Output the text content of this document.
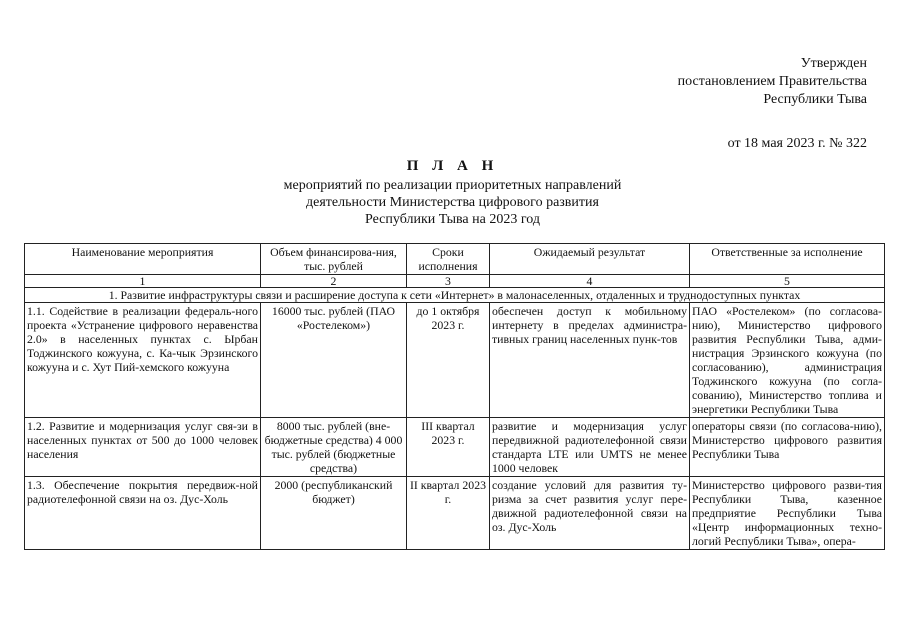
Утвержден
постановлением Правительства
Республики Тыва
от 18 мая 2023 г. № 322
П Л А Н
мероприятий по реализации приоритетных направлений
деятельности Министерства цифрового развития
Республики Тыва на 2023 год
Наименование мероприятия	Объем финансирова-ния, тыс. рублей	Сроки исполнения	Ожидаемый результат	Ответственные за исполнение
1	2	3	4	5
1. Развитие инфраструктуры связи и расширение доступа к сети «Интернет» в малонаселенных, отдаленных и труднодоступных пунктах				
1.1. Содействие в реализации федераль-ного проекта «Устранение цифрового неравенства 2.0» в населенных пунктах с. Ырбан Тоджинского кожууна, с. Ка-чык Эрзинского кожууна и с. Хут Пий-хемского кожууна	16000 тыс. рублей (ПАО «Ростелеком»)	до 1 октября 2023 г.	обеспечен доступ к мобильному интернету в пределах администра-тивных границ населенных пунк-тов	ПАО «Ростелеком» (по согласова-нию), Министерство цифрового развития Республики Тыва, адми-нистрация Эрзинского кожууна (по согласованию), администрация Тоджинского кожууна (по согла-сованию), Министерство топлива и энергетики Республики Тыва
1.2. Развитие и модернизация услуг свя-зи в населенных пунктах от 500 до 1000 человек населения	8000 тыс. рублей (вне-бюджетные средства) 4 000 тыс. рублей (бюджетные средства)	III квартал 2023 г.	развитие и модернизация услуг передвижной радиотелефонной связи стандарта LTE или UMTS не менее 1000 человек	операторы связи (по согласова-нию), Министерство цифрового развития Республики Тыва
1.3. Обеспечение покрытия передвиж-ной радиотелефонной связи на оз. Дус-Холь	2000 (республиканский бюджет)	II квартал 2023 г.	создание условий для развития ту-ризма за счет развития услуг пере-движной радиотелефонной связи на оз. Дус-Холь	Министерство цифрового разви-тия Республики Тыва, казенное предприятие Республики Тыва «Центр информационных техно-логий Республики Тыва», опера-
